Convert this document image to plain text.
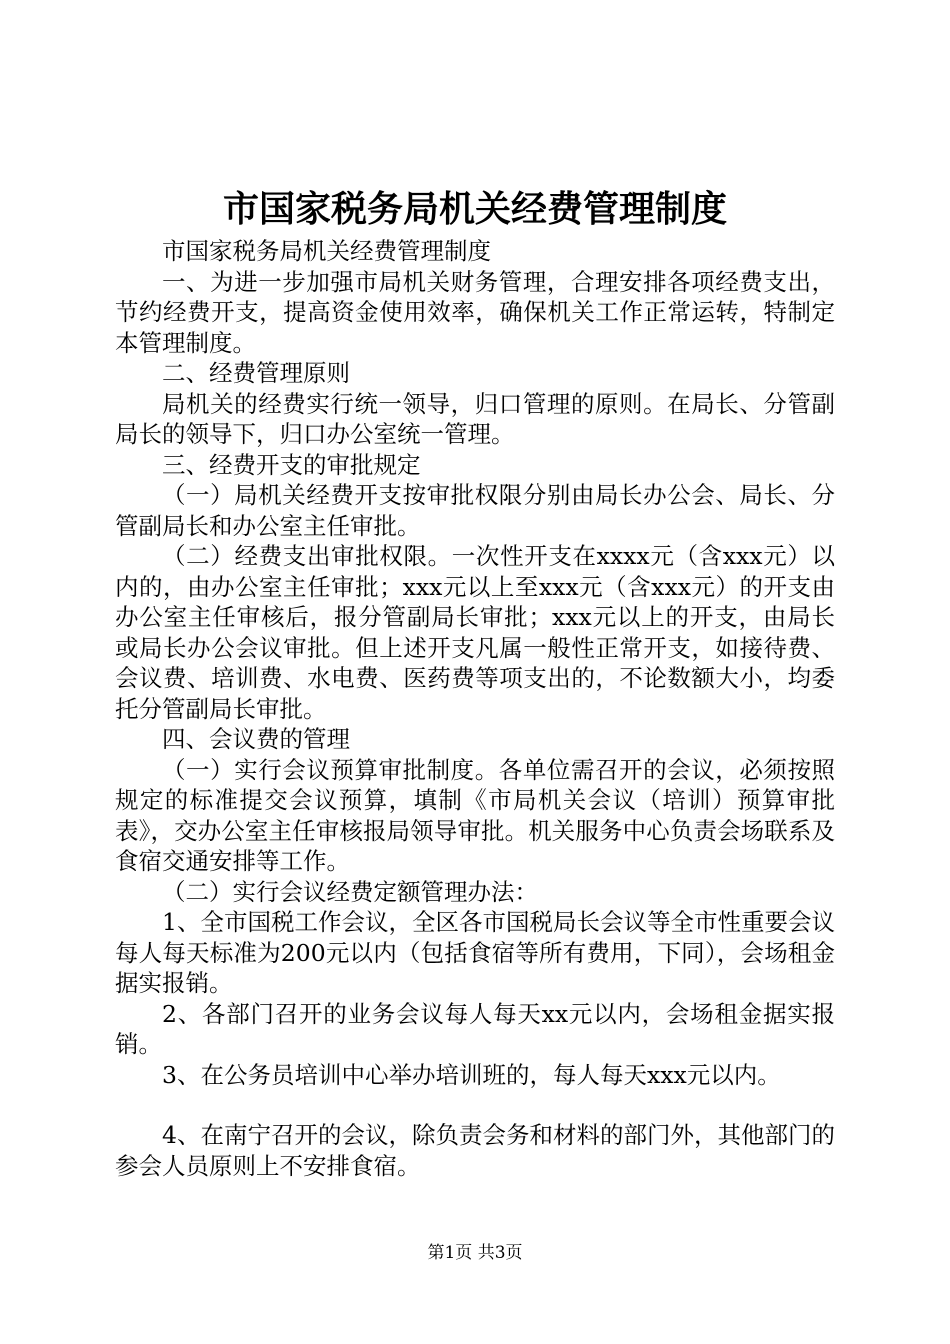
市国家税务局机关经费管理制度

市国家税务局机关经费管理制度

一、为进一步加强市局机关财务管理，合理安排各项经费支出，节约经费开支，提高资金使用效率，确保机关工作正常运转，特制定本管理制度。

二、经费管理原则

局机关的经费实行统一领导，归口管理的原则。在局长、分管副局长的领导下，归口办公室统一管理。

三、经费开支的审批规定

（一）局机关经费开支按审批权限分别由局长办公会、局长、分管副局长和办公室主任审批。

（二）经费支出审批权限。一次性开支在xxxx元（含xxx元）以内的，由办公室主任审批；xxx元以上至xxx元（含xxx元）的开支由办公室主任审核后，报分管副局长审批；xxx元以上的开支，由局长或局长办公会议审批。但上述开支凡属一般性正常开支，如接待费、会议费、培训费、水电费、医药费等项支出的，不论数额大小，均委托分管副局长审批。

四、会议费的管理

（一）实行会议预算审批制度。各单位需召开的会议，必须按照规定的标准提交会议预算，填制《市局机关会议（培训）预算审批表》，交办公室主任审核报局领导审批。机关服务中心负责会场联系及食宿交通安排等工作。

（二）实行会议经费定额管理办法：

1、全市国税工作会议，全区各市国税局长会议等全市性重要会议每人每天标准为200元以内（包括食宿等所有费用，下同），会场租金据实报销。

2、各部门召开的业务会议每人每天xx元以内，会场租金据实报销。

3、在公务员培训中心举办培训班的，每人每天xxx元以内。

4、在南宁召开的会议，除负责会务和材料的部门外，其他部门的参会人员原则上不安排食宿。

第1页 共3页
